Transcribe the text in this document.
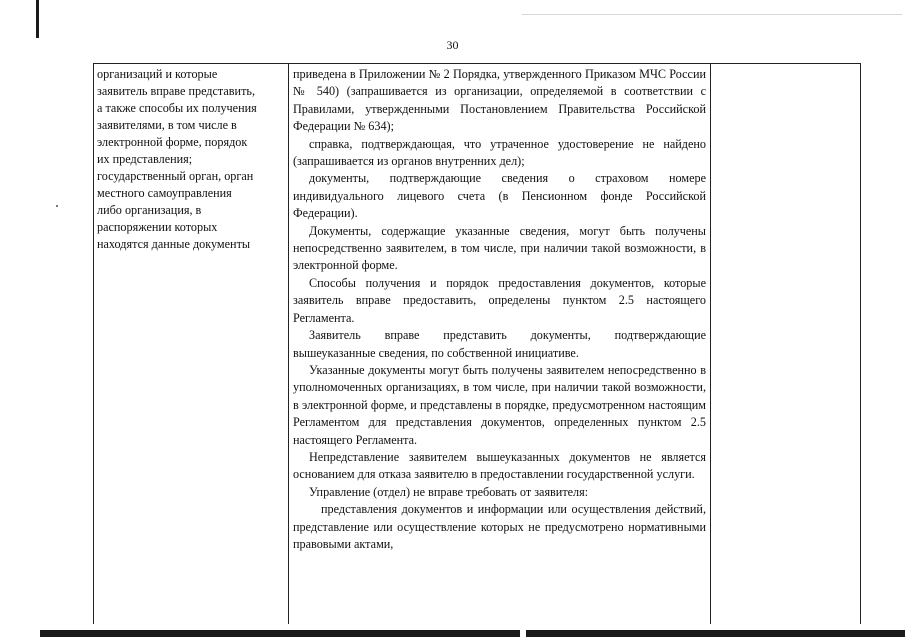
30
организаций и которые
заявитель вправе представить,
а также способы их получения
заявителями, в том числе в
электронной форме, порядок
их представления;
государственный орган, орган
местного самоуправления
либо организация, в
распоряжении которых
находятся данные документы

приведена в Приложении № 2 Порядка, утвержденного Приказом МЧС России № 540) (запрашивается из организации, определяемой в соответствии с Правилами, утвержденными Постановлением Правительства Российской Федерации № 634);

справка, подтверждающая, что утраченное удостоверение не найдено (запрашивается из органов внутренних дел);

документы, подтверждающие сведения о страховом номере индивидуального лицевого счета (в Пенсионном фонде Российской Федерации).

Документы, содержащие указанные сведения, могут быть получены непосредственно заявителем, в том числе, при наличии такой возможности, в электронной форме.

Способы получения и порядок предоставления документов, которые заявитель вправе предоставить, определены пунктом 2.5 настоящего Регламента.

Заявитель вправе представить документы, подтверждающие вышеуказанные сведения, по собственной инициативе.

Указанные документы могут быть получены заявителем непосредственно в уполномоченных организациях, в том числе, при наличии такой возможности, в электронной форме, и представлены в порядке, предусмотренном настоящим Регламентом для представления документов, определенных пунктом 2.5 настоящего Регламента.

Непредставление заявителем вышеуказанных документов не является основанием для отказа заявителю в предоставлении государственной услуги.

Управление (отдел) не вправе требовать от заявителя:

представления документов и информации или осуществления действий, представление или осуществление которых не предусмотрено нормативными правовыми актами,
